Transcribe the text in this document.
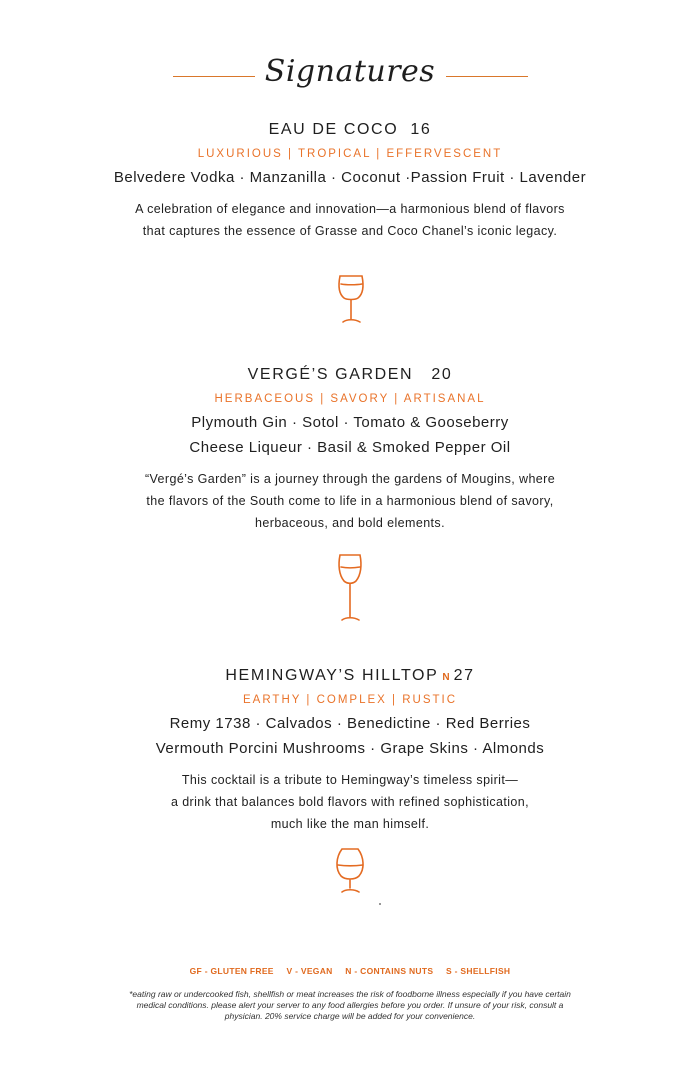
Signatures
EAU DE COCO 16
LUXURIOUS | TROPICAL | EFFERVESCENT
Belvedere Vodka · Manzanilla · Coconut ·Passion Fruit · Lavender
A celebration of elegance and innovation—a harmonious blend of flavors
that captures the essence of Grasse and Coco Chanel’s iconic legacy.
VERGÉ’S GARDEN 20
HERBACEOUS | SAVORY | ARTISANAL
Plymouth Gin · Sotol · Tomato & Gooseberry
Cheese Liqueur · Basil & Smoked Pepper Oil
“Vergé’s Garden” is a journey through the gardens of Mougins, where
the flavors of the South come to life in a harmonious blend of savory,
herbaceous, and bold elements.
HEMINGWAY’S HILLTOP N 27
EARTHY | COMPLEX | RUSTIC
Remy 1738 · Calvados · Benedictine · Red Berries
Vermouth Porcini Mushrooms · Grape Skins · Almonds
This cocktail is a tribute to Hemingway’s timeless spirit—
a drink that balances bold flavors with refined sophistication,
much like the man himself.
GF - GLUTEN FREE V - VEGAN N - CONTAINS NUTS S - SHELLFISH
*eating raw or undercooked fish, shellfish or meat increases the risk of foodborne illness especially if you have certain
medical conditions. please alert your server to any food allergies before you order. If unsure of your risk, consult a
physician. 20% service charge will be added for your convenience.
